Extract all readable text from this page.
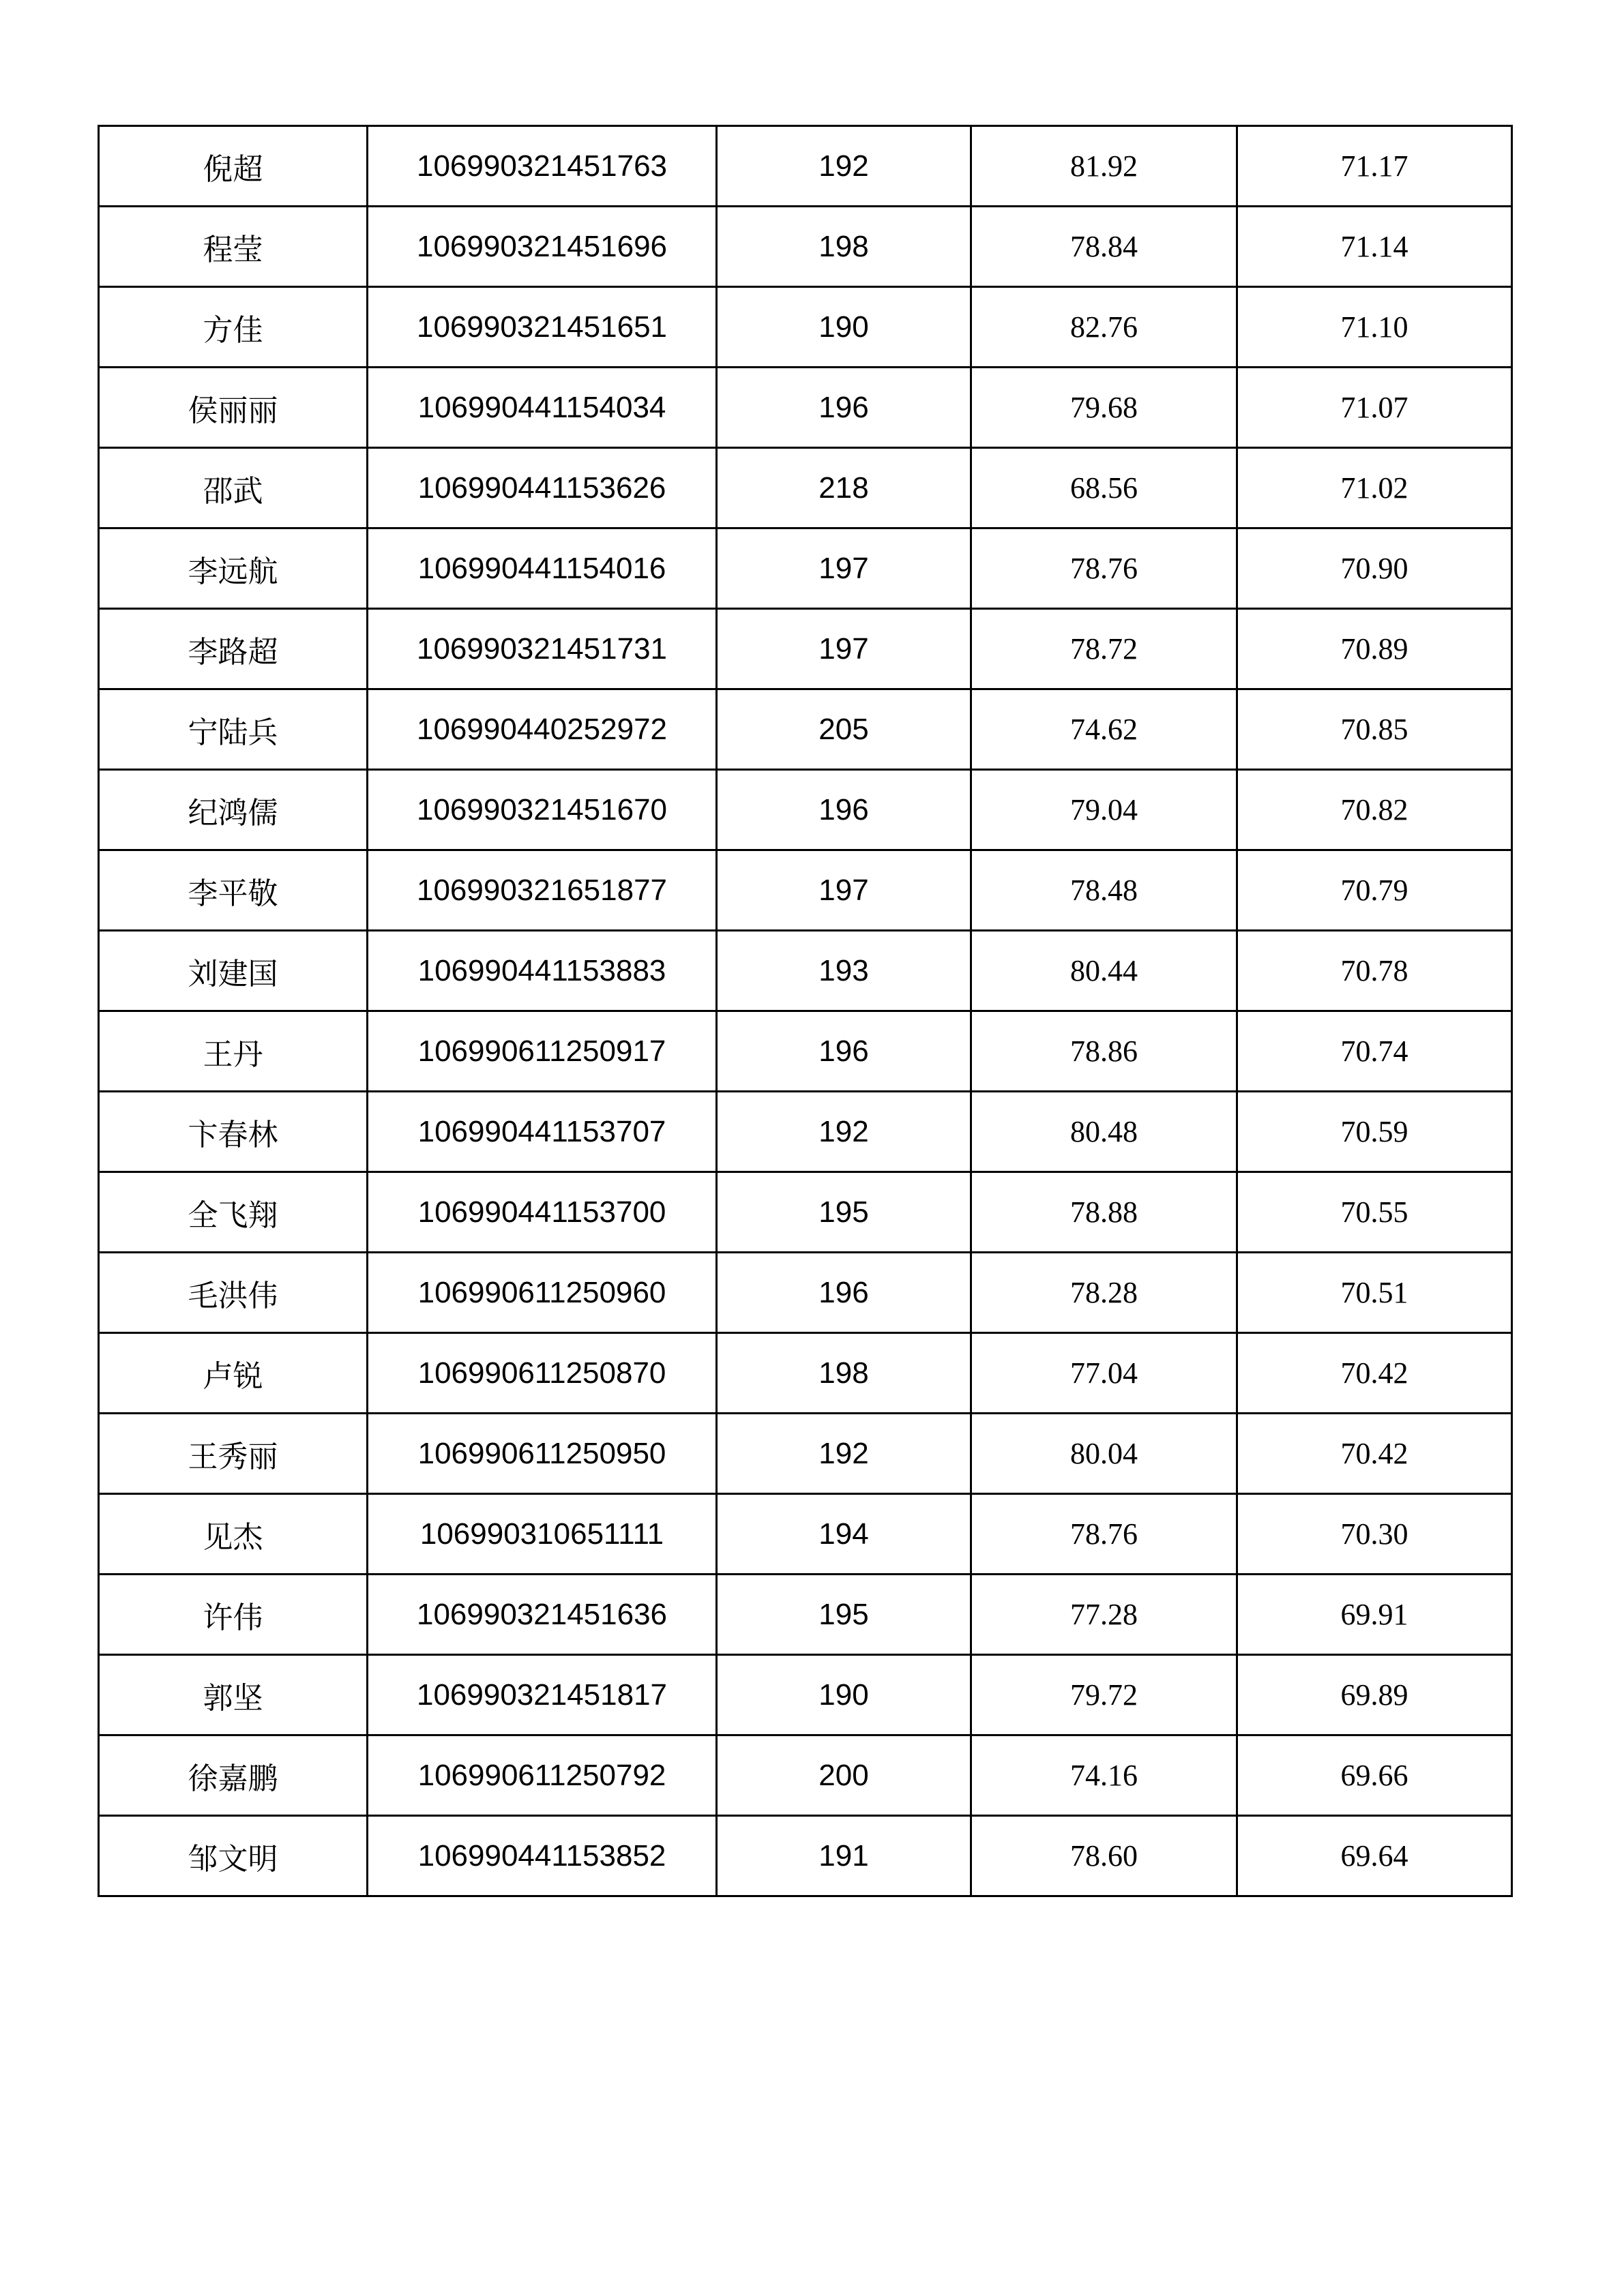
倪超	106990321451763	192	81.92	71.17
程莹	106990321451696	198	78.84	71.14
方佳	106990321451651	190	82.76	71.10
侯丽丽	106990441154034	196	79.68	71.07
邵武	106990441153626	218	68.56	71.02
李远航	106990441154016	197	78.76	70.90
李路超	106990321451731	197	78.72	70.89
宁陆兵	106990440252972	205	74.62	70.85
纪鸿儒	106990321451670	196	79.04	70.82
李平敬	106990321651877	197	78.48	70.79
刘建国	106990441153883	193	80.44	70.78
王丹	106990611250917	196	78.86	70.74
卞春林	106990441153707	192	80.48	70.59
全飞翔	106990441153700	195	78.88	70.55
毛洪伟	106990611250960	196	78.28	70.51
卢锐	106990611250870	198	77.04	70.42
王秀丽	106990611250950	192	80.04	70.42
见杰	106990310651111	194	78.76	70.30
许伟	106990321451636	195	77.28	69.91
郭坚	106990321451817	190	79.72	69.89
徐嘉鹏	106990611250792	200	74.16	69.66
邹文明	106990441153852	191	78.60	69.64
